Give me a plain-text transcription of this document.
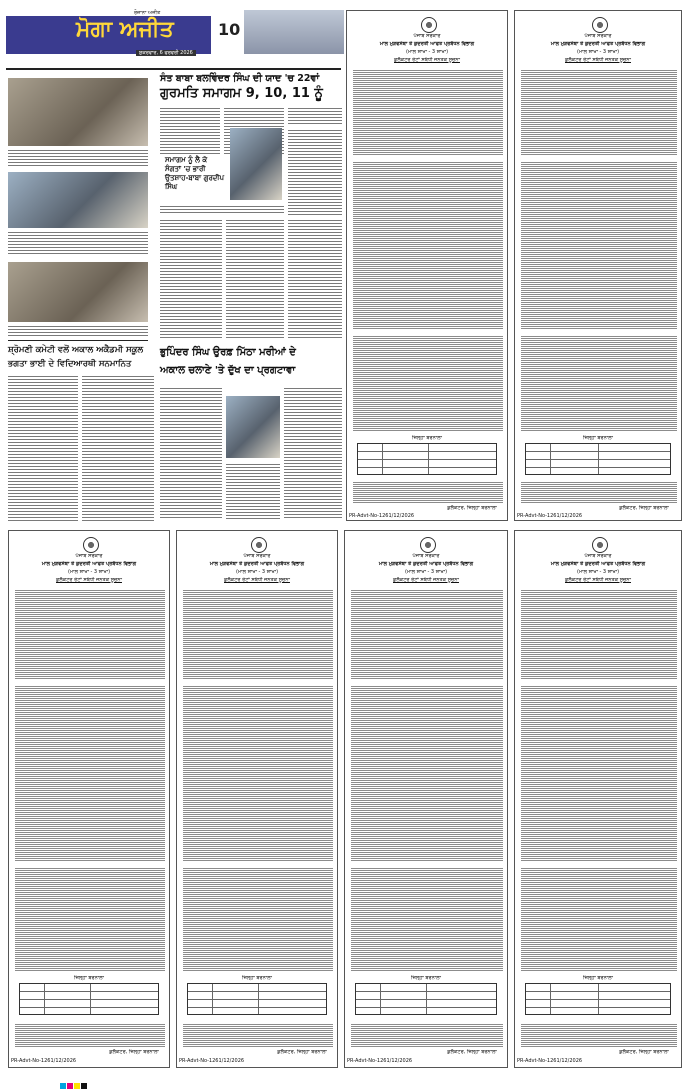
ਮੋਗਾ ਅਜੀਤ
ਰੋਜ਼ਾਨਾ ਅਜੀਤ
10
ਸ਼ੁਕਰਵਾਰ, 6 ਫਰਵਰੀ 2026
ਸੰਤ ਬਾਬਾ ਬਲਵਿੰਦਰ ਸਿੰਘ ਦੀ ਯਾਦ 'ਚ 22ਵਾਂ
ਗੁਰਮਤਿ ਸਮਾਗਮ 9, 10, 11 ਨੂੰ
ਸਮਾਗਮ ਨੂੰ ਲੈ ਕੇ ਸੰਗਤਾਂ 'ਚ ਭਾਰੀ ਉਤਸ਼ਾਹ-ਬਾਬਾ ਗੁਰਦੀਪ ਸਿੰਘ
ਸ਼੍ਰੋਮਣੀ ਕਮੇਟੀ ਵਲੋਂ ਅਕਾਲ ਅਕੈਡਮੀ ਸਕੂਲ
ਭਗਤਾ ਭਾਈ ਦੇ ਵਿਦਿਆਰਥੀ ਸਨਮਾਨਿਤ
ਭੁਪਿੰਦਰ ਸਿੰਘ ਉਰਫ਼ ਮਿੱਠਾ ਮਰੀਆਂ ਦੇ
ਅਕਾਲ ਚਲਾਣੇ 'ਤੇ ਦੁੱਖ ਦਾ ਪ੍ਰਗਟਾਵਾ
ਪੰਜਾਬ ਸਰਕਾਰ
ਮਾਲ ਮੁੜਵਸੇਬਾ ਤੇ ਕੁਦਰਤੀ ਆਫਤ ਪ੍ਰਬੰਧਨ ਵਿਭਾਗ
(ਮਾਲ ਸ਼ਾਖਾ - 3 ਸ਼ਾਖਾ)
ਕੁਲੈਕਟਰ ਰੇਟਾਂ ਸਬੰਧੀ ਜਨਤਕ ਸੂਚਨਾ
ਜ਼ਿਲ੍ਹਾ ਬਰਨਾਲਾ
ਕੁਲੈਕਟਰ, ਜ਼ਿਲ੍ਹਾ ਬਰਨਾਲਾ
PR-Advt-No-1261/12/2026
ਪੰਜਾਬ ਸਰਕਾਰ
ਮਾਲ ਮੁੜਵਸੇਬਾ ਤੇ ਕੁਦਰਤੀ ਆਫਤ ਪ੍ਰਬੰਧਨ ਵਿਭਾਗ
(ਮਾਲ ਸ਼ਾਖਾ - 3 ਸ਼ਾਖਾ)
ਕੁਲੈਕਟਰ ਰੇਟਾਂ ਸਬੰਧੀ ਜਨਤਕ ਸੂਚਨਾ
ਜ਼ਿਲ੍ਹਾ ਬਰਨਾਲਾ
ਕੁਲੈਕਟਰ, ਜ਼ਿਲ੍ਹਾ ਬਰਨਾਲਾ
PR-Advt-No-1261/12/2026
ਪੰਜਾਬ ਸਰਕਾਰ
ਮਾਲ ਮੁੜਵਸੇਬਾ ਤੇ ਕੁਦਰਤੀ ਆਫਤ ਪ੍ਰਬੰਧਨ ਵਿਭਾਗ
(ਮਾਲ ਸ਼ਾਖਾ - 3 ਸ਼ਾਖਾ)
ਕੁਲੈਕਟਰ ਰੇਟਾਂ ਸਬੰਧੀ ਜਨਤਕ ਸੂਚਨਾ
ਜ਼ਿਲ੍ਹਾ ਬਰਨਾਲਾ
ਕੁਲੈਕਟਰ, ਜ਼ਿਲ੍ਹਾ ਬਰਨਾਲਾ
PR-Advt-No-1261/12/2026
ਪੰਜਾਬ ਸਰਕਾਰ
ਮਾਲ ਮੁੜਵਸੇਬਾ ਤੇ ਕੁਦਰਤੀ ਆਫਤ ਪ੍ਰਬੰਧਨ ਵਿਭਾਗ
(ਮਾਲ ਸ਼ਾਖਾ - 3 ਸ਼ਾਖਾ)
ਕੁਲੈਕਟਰ ਰੇਟਾਂ ਸਬੰਧੀ ਜਨਤਕ ਸੂਚਨਾ
ਜ਼ਿਲ੍ਹਾ ਬਰਨਾਲਾ
ਕੁਲੈਕਟਰ, ਜ਼ਿਲ੍ਹਾ ਬਰਨਾਲਾ
PR-Advt-No-1261/12/2026
ਪੰਜਾਬ ਸਰਕਾਰ
ਮਾਲ ਮੁੜਵਸੇਬਾ ਤੇ ਕੁਦਰਤੀ ਆਫਤ ਪ੍ਰਬੰਧਨ ਵਿਭਾਗ
(ਮਾਲ ਸ਼ਾਖਾ - 3 ਸ਼ਾਖਾ)
ਕੁਲੈਕਟਰ ਰੇਟਾਂ ਸਬੰਧੀ ਜਨਤਕ ਸੂਚਨਾ
ਜ਼ਿਲ੍ਹਾ ਬਰਨਾਲਾ
ਕੁਲੈਕਟਰ, ਜ਼ਿਲ੍ਹਾ ਬਰਨਾਲਾ
PR-Advt-No-1261/12/2026
ਪੰਜਾਬ ਸਰਕਾਰ
ਮਾਲ ਮੁੜਵਸੇਬਾ ਤੇ ਕੁਦਰਤੀ ਆਫਤ ਪ੍ਰਬੰਧਨ ਵਿਭਾਗ
(ਮਾਲ ਸ਼ਾਖਾ - 3 ਸ਼ਾਖਾ)
ਕੁਲੈਕਟਰ ਰੇਟਾਂ ਸਬੰਧੀ ਜਨਤਕ ਸੂਚਨਾ
ਜ਼ਿਲ੍ਹਾ ਬਰਨਾਲਾ
ਕੁਲੈਕਟਰ, ਜ਼ਿਲ੍ਹਾ ਬਰਨਾਲਾ
PR-Advt-No-1261/12/2026
